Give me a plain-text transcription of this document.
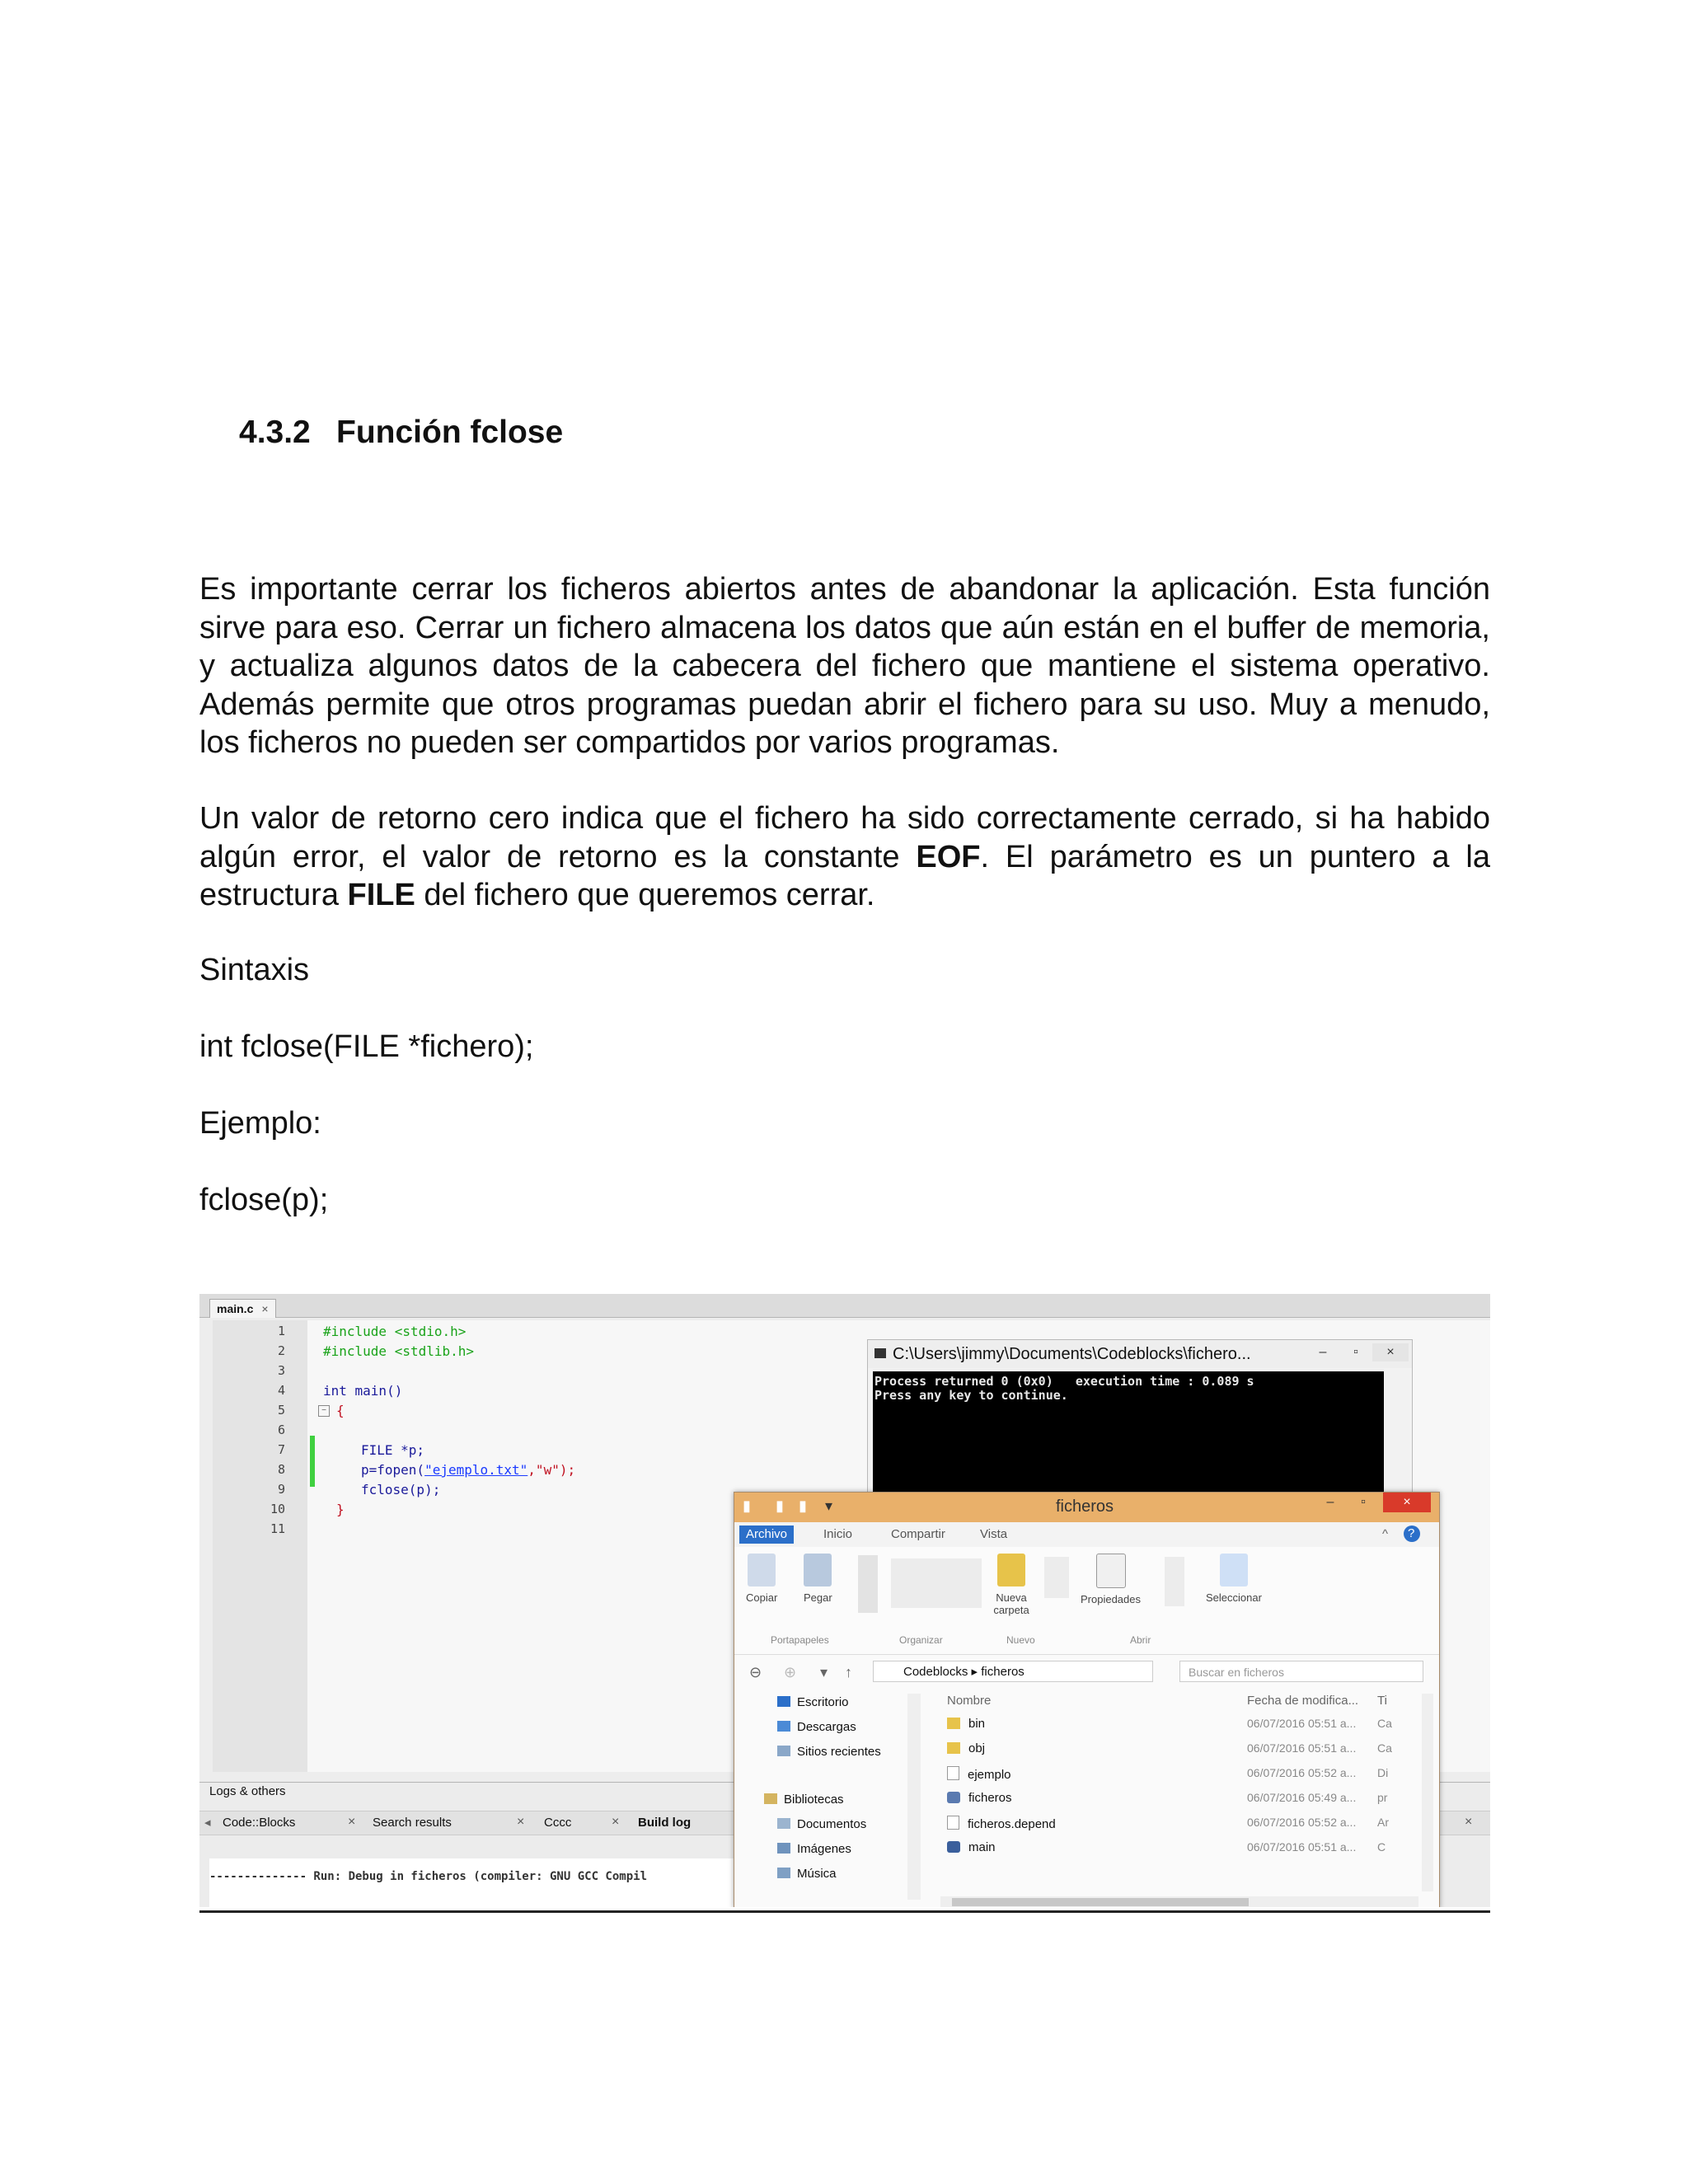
4.3.2 Función fclose
Es importante cerrar los ficheros abiertos antes de abandonar la aplicación. Esta función sirve para eso. Cerrar un fichero almacena los datos que aún están en el buffer de memoria, y actualiza algunos datos de la cabecera del fichero que mantiene el sistema operativo. Además permite que otros programas puedan abrir el fichero para su uso. Muy a menudo, los ficheros no pueden ser compartidos por varios programas.
Un valor de retorno cero indica que el fichero ha sido correctamente cerrado, si ha habido algún error, el valor de retorno es la constante EOF. El parámetro es un puntero a la estructura FILE del fichero que queremos cerrar.
Sintaxis
int fclose(FILE *fichero);
Ejemplo:
fclose(p);
main.c ×
1
2
3
4
5
6
7
8
9
10
11
−
#include <stdio.h>
#include <stdlib.h>
int main()
{
FILE *p;
p=fopen("ejemplo.txt","w");
fclose(p);
}
C:\Users\jimmy\Documents\Codeblocks\fichero...	–	▫	×
Process returned 0 (0x0)   execution time : 0.089 s
Press any key to continue.
Logs & others
◂ Code::Blocks	× Search results	× Cccc	× Build log	×
-------------- Run: Debug in ficheros (compiler: GNU GCC Compil
▮ ▮ ▮ ▾	ficheros	–	▫	×
Archivo	Inicio	Compartir	Vista	^	?
Copiar Pegar	Nueva carpeta
Propiedades	Seleccionar
Portapapeles	Organizar	Nuevo	Abrir
⊖ ⊕ ▾ ↑	Codeblocks ▸ ficheros	Buscar en ficheros
Escritorio
Descargas
Sitios recientes
Bibliotecas
Documentos
Imágenes
Música
Nombre	Fecha de modifica... Ti
bin	06/07/2016 05:51 a... Ca
obj	06/07/2016 05:51 a... Ca
ejemplo	06/07/2016 05:52 a... Di
ficheros	06/07/2016 05:49 a... pr
ficheros.depend	06/07/2016 05:52 a... Ar
main	06/07/2016 05:51 a... C
